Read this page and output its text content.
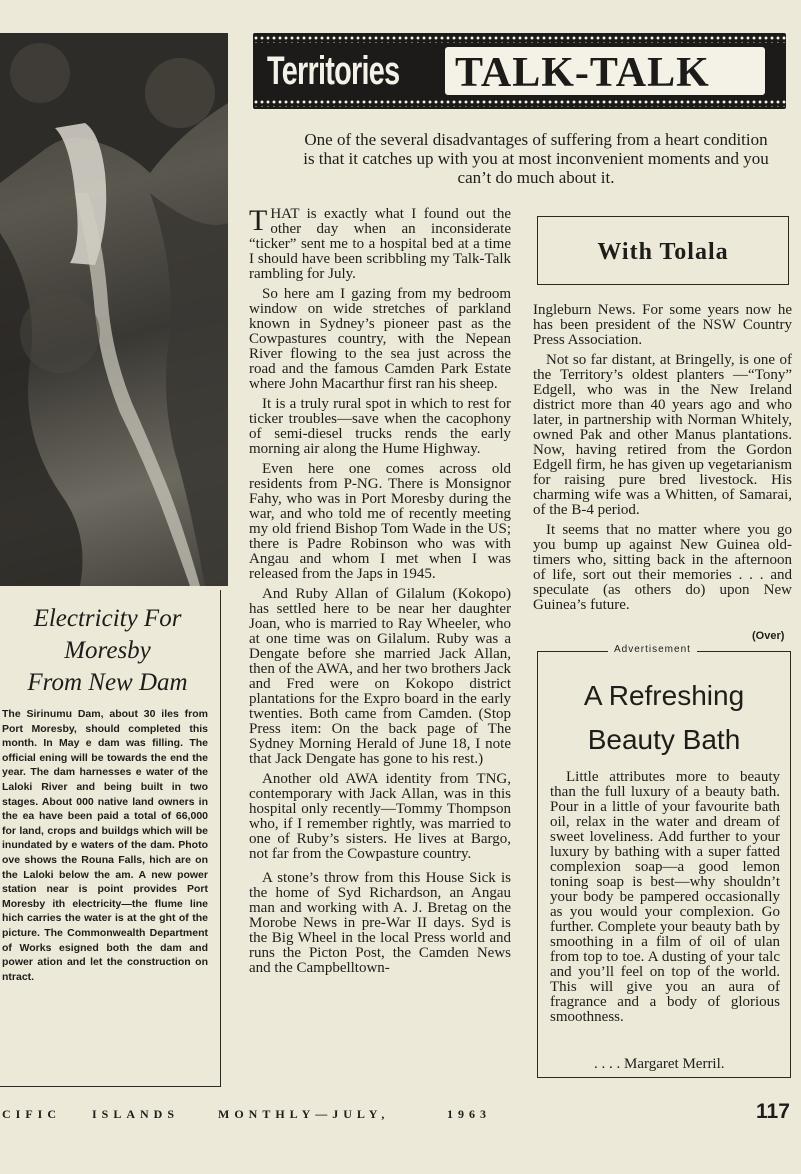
Territories TALK-TALK
One of the several disadvantages of suffering from a heart condition is that it catches up with you at most inconvenient moments and you can’t do much about it.

THAT is exactly what I found out the other day when an inconsiderate “ticker” sent me to a hospital bed at a time I should have been scribbling my Talk-Talk rambling for July.

So here am I gazing from my bedroom window on wide stretches of parkland known in Sydney’s pioneer past as the Cowpastures country, with the Nepean River flowing to the sea just across the road and the famous Camden Park Estate where John Macarthur first ran his sheep.

It is a truly rural spot in which to rest for ticker troubles—save when the cacophony of semi-diesel trucks rends the early morning air along the Hume Highway.

Even here one comes across old residents from P-NG. There is Monsignor Fahy, who was in Port Moresby during the war, and who told me of recently meeting my old friend Bishop Tom Wade in the US; there is Padre Robinson who was with Angau and whom I met when I was released from the Japs in 1945.

And Ruby Allan of Gilalum (Kokopo) has settled here to be near her daughter Joan, who is married to Ray Wheeler, who at one time was on Gilalum. Ruby was a Dengate before she married Jack Allan, then of the AWA, and her two brothers Jack and Fred were on Kokopo district plantations for the Expro board in the early twenties. Both came from Camden. (Stop Press item: On the back page of The Sydney Morning Herald of June 18, I note that Jack Dengate has gone to his rest.)

Another old AWA identity from TNG, contemporary with Jack Allan, was in this hospital only recently—Tommy Thompson who, if I remember rightly, was married to one of Ruby’s sisters. He lives at Bargo, not far from the Cowpasture country.

A stone’s throw from this House Sick is the home of Syd Richardson, an Angau man and working with A. J. Bretag on the Morobe News in pre-War II days. Syd is the Big Wheel in the local Press world and runs the Picton Post, the Camden News and the Campbelltown-

With Tolala

Ingleburn News. For some years now he has been president of the NSW Country Press Association.

Not so far distant, at Bringelly, is one of the Territory’s oldest planters —“Tony” Edgell, who was in the New Ireland district more than 40 years ago and who later, in partnership with Norman Whitely, owned Pak and other Manus plantations. Now, having retired from the Gordon Edgell firm, he has given up vegetarianism for raising pure bred livestock. His charming wife was a Whitten, of Samarai, of the B-4 period.

It seems that no matter where you go you bump up against New Guinea old-timers who, sitting back in the afternoon of life, sort out their memories . . . and speculate (as others do) upon New Guinea’s future.

(Over)
Advertisement
A Refreshing
Beauty Bath
Little attributes more to beauty than the full luxury of a beauty bath. Pour in a little of your favourite bath oil, relax in the water and dream of sweet loveliness. Add further to your luxury by bathing with a super fatted complexion soap—a good lemon toning soap is best—why shouldn’t your body be pampered occasionally as you would your complexion. Go further. Complete your beauty bath by smoothing in a film of oil of ulan from top to toe. A dusting of your talc and you’ll feel on top of the world. This will give you an aura of fragrance and a body of glorious smoothness.
. . . . Margaret Merril.
Electricity For
Moresby
From New Dam
The Sirinumu Dam, about 30 iles from Port Moresby, should completed this month. In May e dam was filling. The official ening will be towards the end the year. The dam harnesses e water of the Laloki River and being built in two stages. About 000 native land owners in the ea have been paid a total of 66,000 for land, crops and buildgs which will be inundated by e waters of the dam. Photo ove shows the Rouna Falls, hich are on the Laloki below the am. A new power station near is point provides Port Moresby ith electricity—the flume line hich carries the water is at the ght of the picture. The Commonwealth Department of Works esigned both the dam and power ation and let the construction on ntract.
CIFIC	ISLANDS	MONTHLY—JULY,	1963	117
